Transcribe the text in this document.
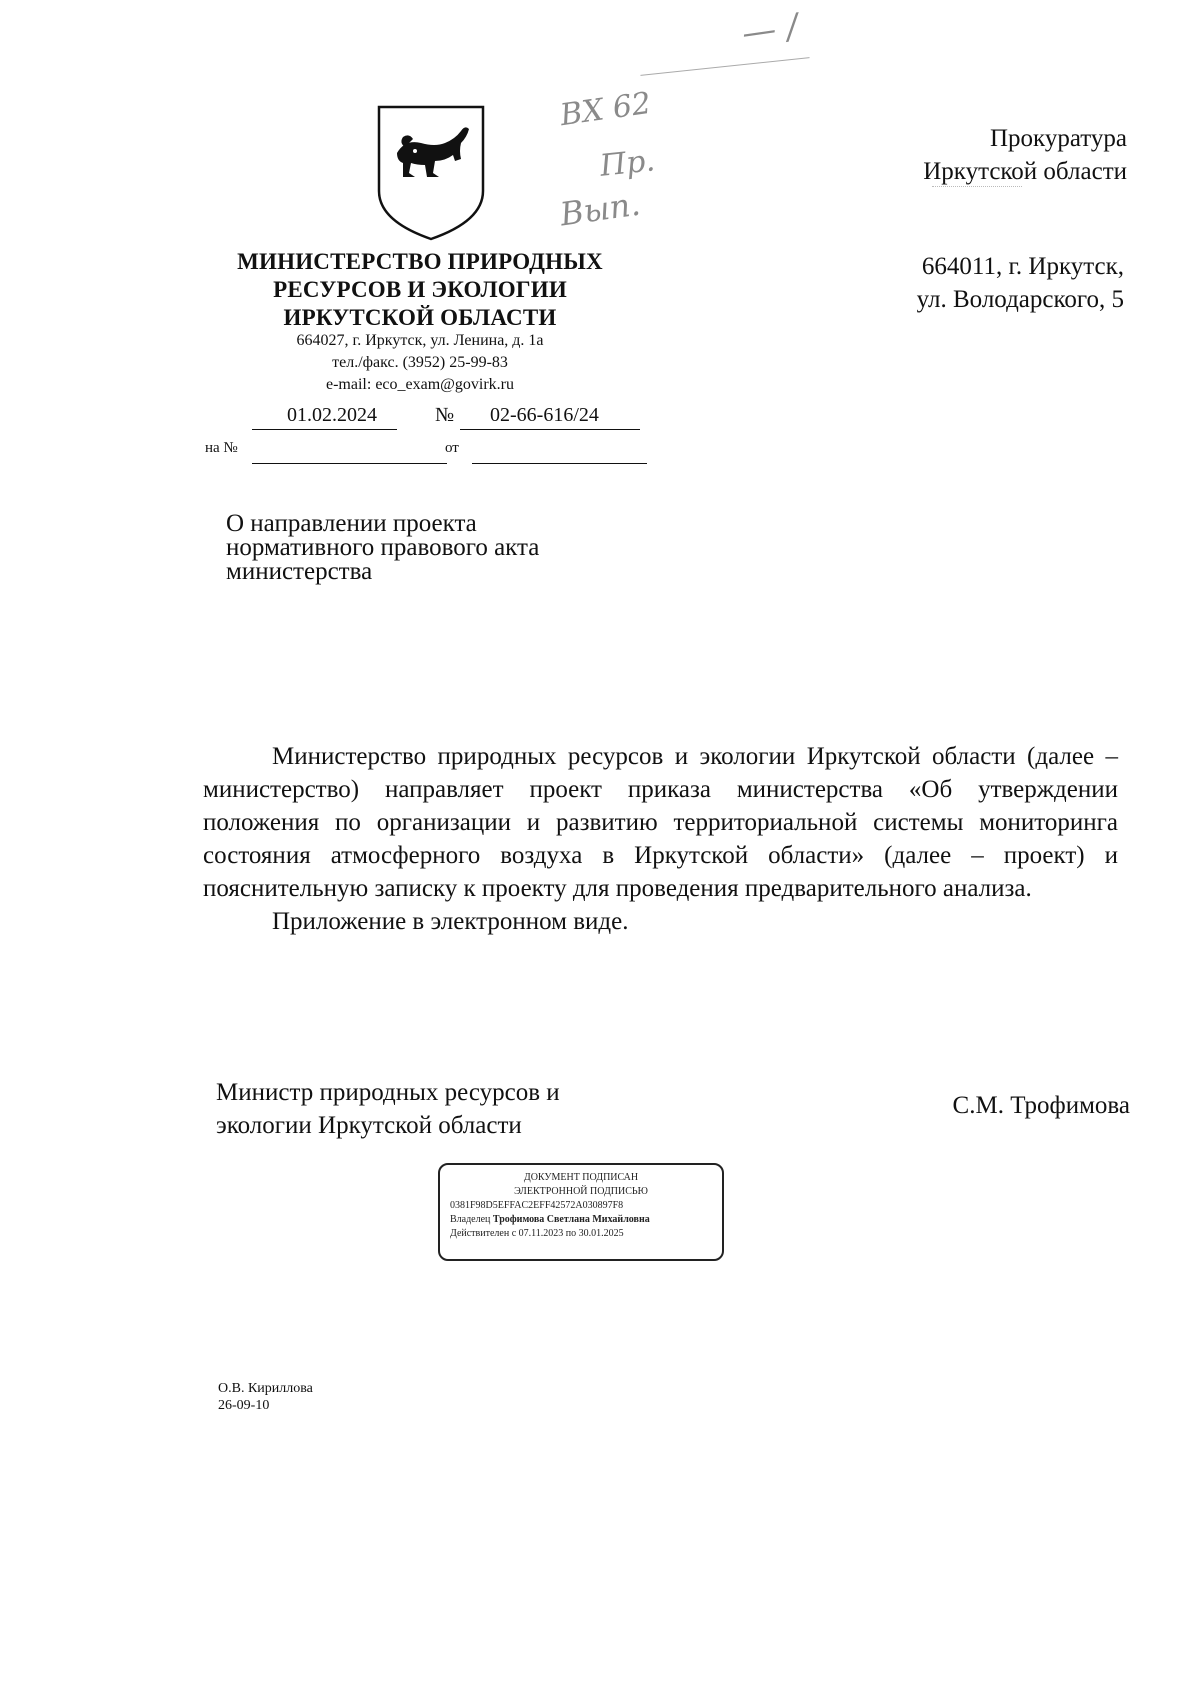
— /
ВХ 62
Пр.
Вып.
МИНИСТЕРСТВО ПРИРОДНЫХ
РЕСУРСОВ И ЭКОЛОГИИ
ИРКУТСКОЙ ОБЛАСТИ
664027, г. Иркутск, ул. Ленина, д. 1а
тел./факс. (3952) 25-99-83
e-mail: eco_exam@govirk.ru
01.02.2024	№ 02-66-616/24
на №	от
Прокуратура
Иркутской области
664011, г. Иркутск,
ул. Володарского, 5
О направлении проекта
нормативного правового акта
министерства

Министерство природных ресурсов и экологии Иркутской области (далее – министерство) направляет проект приказа министерства «Об утверждении положения по организации и развитию территориальной системы мониторинга состояния атмосферного воздуха в Иркутской области» (далее – проект) и пояснительную записку к проекту для проведения предварительного анализа.

Приложение в электронном виде.

Министр природных ресурсов и
экологии Иркутской области
С.М. Трофимова
ДОКУМЕНТ ПОДПИСАН
ЭЛЕКТРОННОЙ ПОДПИСЬЮ
0381F98D5EFFAC2EFF42572A030897F8
Владелец Трофимова Светлана Михайловна
Действителен с 07.11.2023 по 30.01.2025
О.В. Кириллова
26-09-10
